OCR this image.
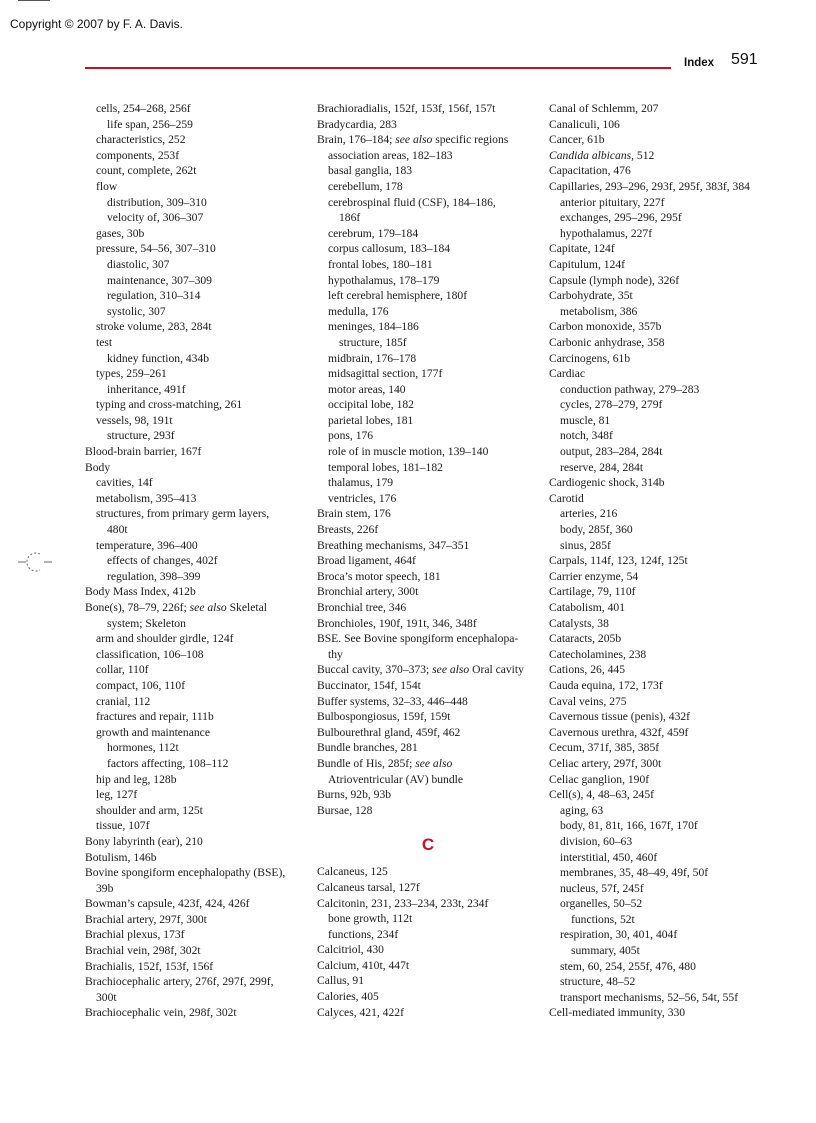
Copyright © 2007 by F. A. Davis.
Index 591
cells, 254–268, 256f
life span, 256–259
characteristics, 252
components, 253f
count, complete, 262t
flow
distribution, 309–310
velocity of, 306–307
gases, 30b
pressure, 54–56, 307–310
diastolic, 307
maintenance, 307–309
regulation, 310–314
systolic, 307
stroke volume, 283, 284t
test
kidney function, 434b
types, 259–261
inheritance, 491f
typing and cross-matching, 261
vessels, 98, 191t
structure, 293f
Blood-brain barrier, 167f
Body
cavities, 14f
metabolism, 395–413
structures, from primary germ layers,
480t
temperature, 396–400
effects of changes, 402f
regulation, 398–399
Body Mass Index, 412b
Bone(s), 78–79, 226f; see also Skeletal
system; Skeleton
arm and shoulder girdle, 124f
classification, 106–108
collar, 110f
compact, 106, 110f
cranial, 112
fractures and repair, 111b
growth and maintenance
hormones, 112t
factors affecting, 108–112
hip and leg, 128b
leg, 127f
shoulder and arm, 125t
tissue, 107f
Bony labyrinth (ear), 210
Botulism, 146b
Bovine spongiform encephalopathy (BSE),
39b
Bowman’s capsule, 423f, 424, 426f
Brachial artery, 297f, 300t
Brachial plexus, 173f
Brachial vein, 298f, 302t
Brachialis, 152f, 153f, 156f
Brachiocephalic artery, 276f, 297f, 299f,
300t
Brachiocephalic vein, 298f, 302t
Brachioradialis, 152f, 153f, 156f, 157t
Bradycardia, 283
Brain, 176–184; see also specific regions
association areas, 182–183
basal ganglia, 183
cerebellum, 178
cerebrospinal fluid (CSF), 184–186,
186f
cerebrum, 179–184
corpus callosum, 183–184
frontal lobes, 180–181
hypothalamus, 178–179
left cerebral hemisphere, 180f
medulla, 176
meninges, 184–186
structure, 185f
midbrain, 176–178
midsagittal section, 177f
motor areas, 140
occipital lobe, 182
parietal lobes, 181
pons, 176
role of in muscle motion, 139–140
temporal lobes, 181–182
thalamus, 179
ventricles, 176
Brain stem, 176
Breasts, 226f
Breathing mechanisms, 347–351
Broad ligament, 464f
Broca’s motor speech, 181
Bronchial artery, 300t
Bronchial tree, 346
Bronchioles, 190f, 191t, 346, 348f
BSE. See Bovine spongiform encephalopa-
thy
Buccal cavity, 370–373; see also Oral cavity
Buccinator, 154f, 154t
Buffer systems, 32–33, 446–448
Bulbospongiosus, 159f, 159t
Bulbourethral gland, 459f, 462
Bundle branches, 281
Bundle of His, 285f; see also
Atrioventricular (AV) bundle
Burns, 92b, 93b
Bursae, 128
C
Calcaneus, 125
Calcaneus tarsal, 127f
Calcitonin, 231, 233–234, 233t, 234f
bone growth, 112t
functions, 234f
Calcitriol, 430
Calcium, 410t, 447t
Callus, 91
Calories, 405
Calyces, 421, 422f
Canal of Schlemm, 207
Canaliculi, 106
Cancer, 61b
Candida albicans, 512
Capacitation, 476
Capillaries, 293–296, 293f, 295f, 383f, 384
anterior pituitary, 227f
exchanges, 295–296, 295f
hypothalamus, 227f
Capitate, 124f
Capitulum, 124f
Capsule (lymph node), 326f
Carbohydrate, 35t
metabolism, 386
Carbon monoxide, 357b
Carbonic anhydrase, 358
Carcinogens, 61b
Cardiac
conduction pathway, 279–283
cycles, 278–279, 279f
muscle, 81
notch, 348f
output, 283–284, 284t
reserve, 284, 284t
Cardiogenic shock, 314b
Carotid
arteries, 216
body, 285f, 360
sinus, 285f
Carpals, 114f, 123, 124f, 125t
Carrier enzyme, 54
Cartilage, 79, 110f
Catabolism, 401
Catalysts, 38
Cataracts, 205b
Catecholamines, 238
Cations, 26, 445
Cauda equina, 172, 173f
Caval veins, 275
Cavernous tissue (penis), 432f
Cavernous urethra, 432f, 459f
Cecum, 371f, 385, 385f
Celiac artery, 297f, 300t
Celiac ganglion, 190f
Cell(s), 4, 48–63, 245f
aging, 63
body, 81, 81t, 166, 167f, 170f
division, 60–63
interstitial, 450, 460f
membranes, 35, 48–49, 49f, 50f
nucleus, 57f, 245f
organelles, 50–52
functions, 52t
respiration, 30, 401, 404f
summary, 405t
stem, 60, 254, 255f, 476, 480
structure, 48–52
transport mechanisms, 52–56, 54t, 55f
Cell-mediated immunity, 330
